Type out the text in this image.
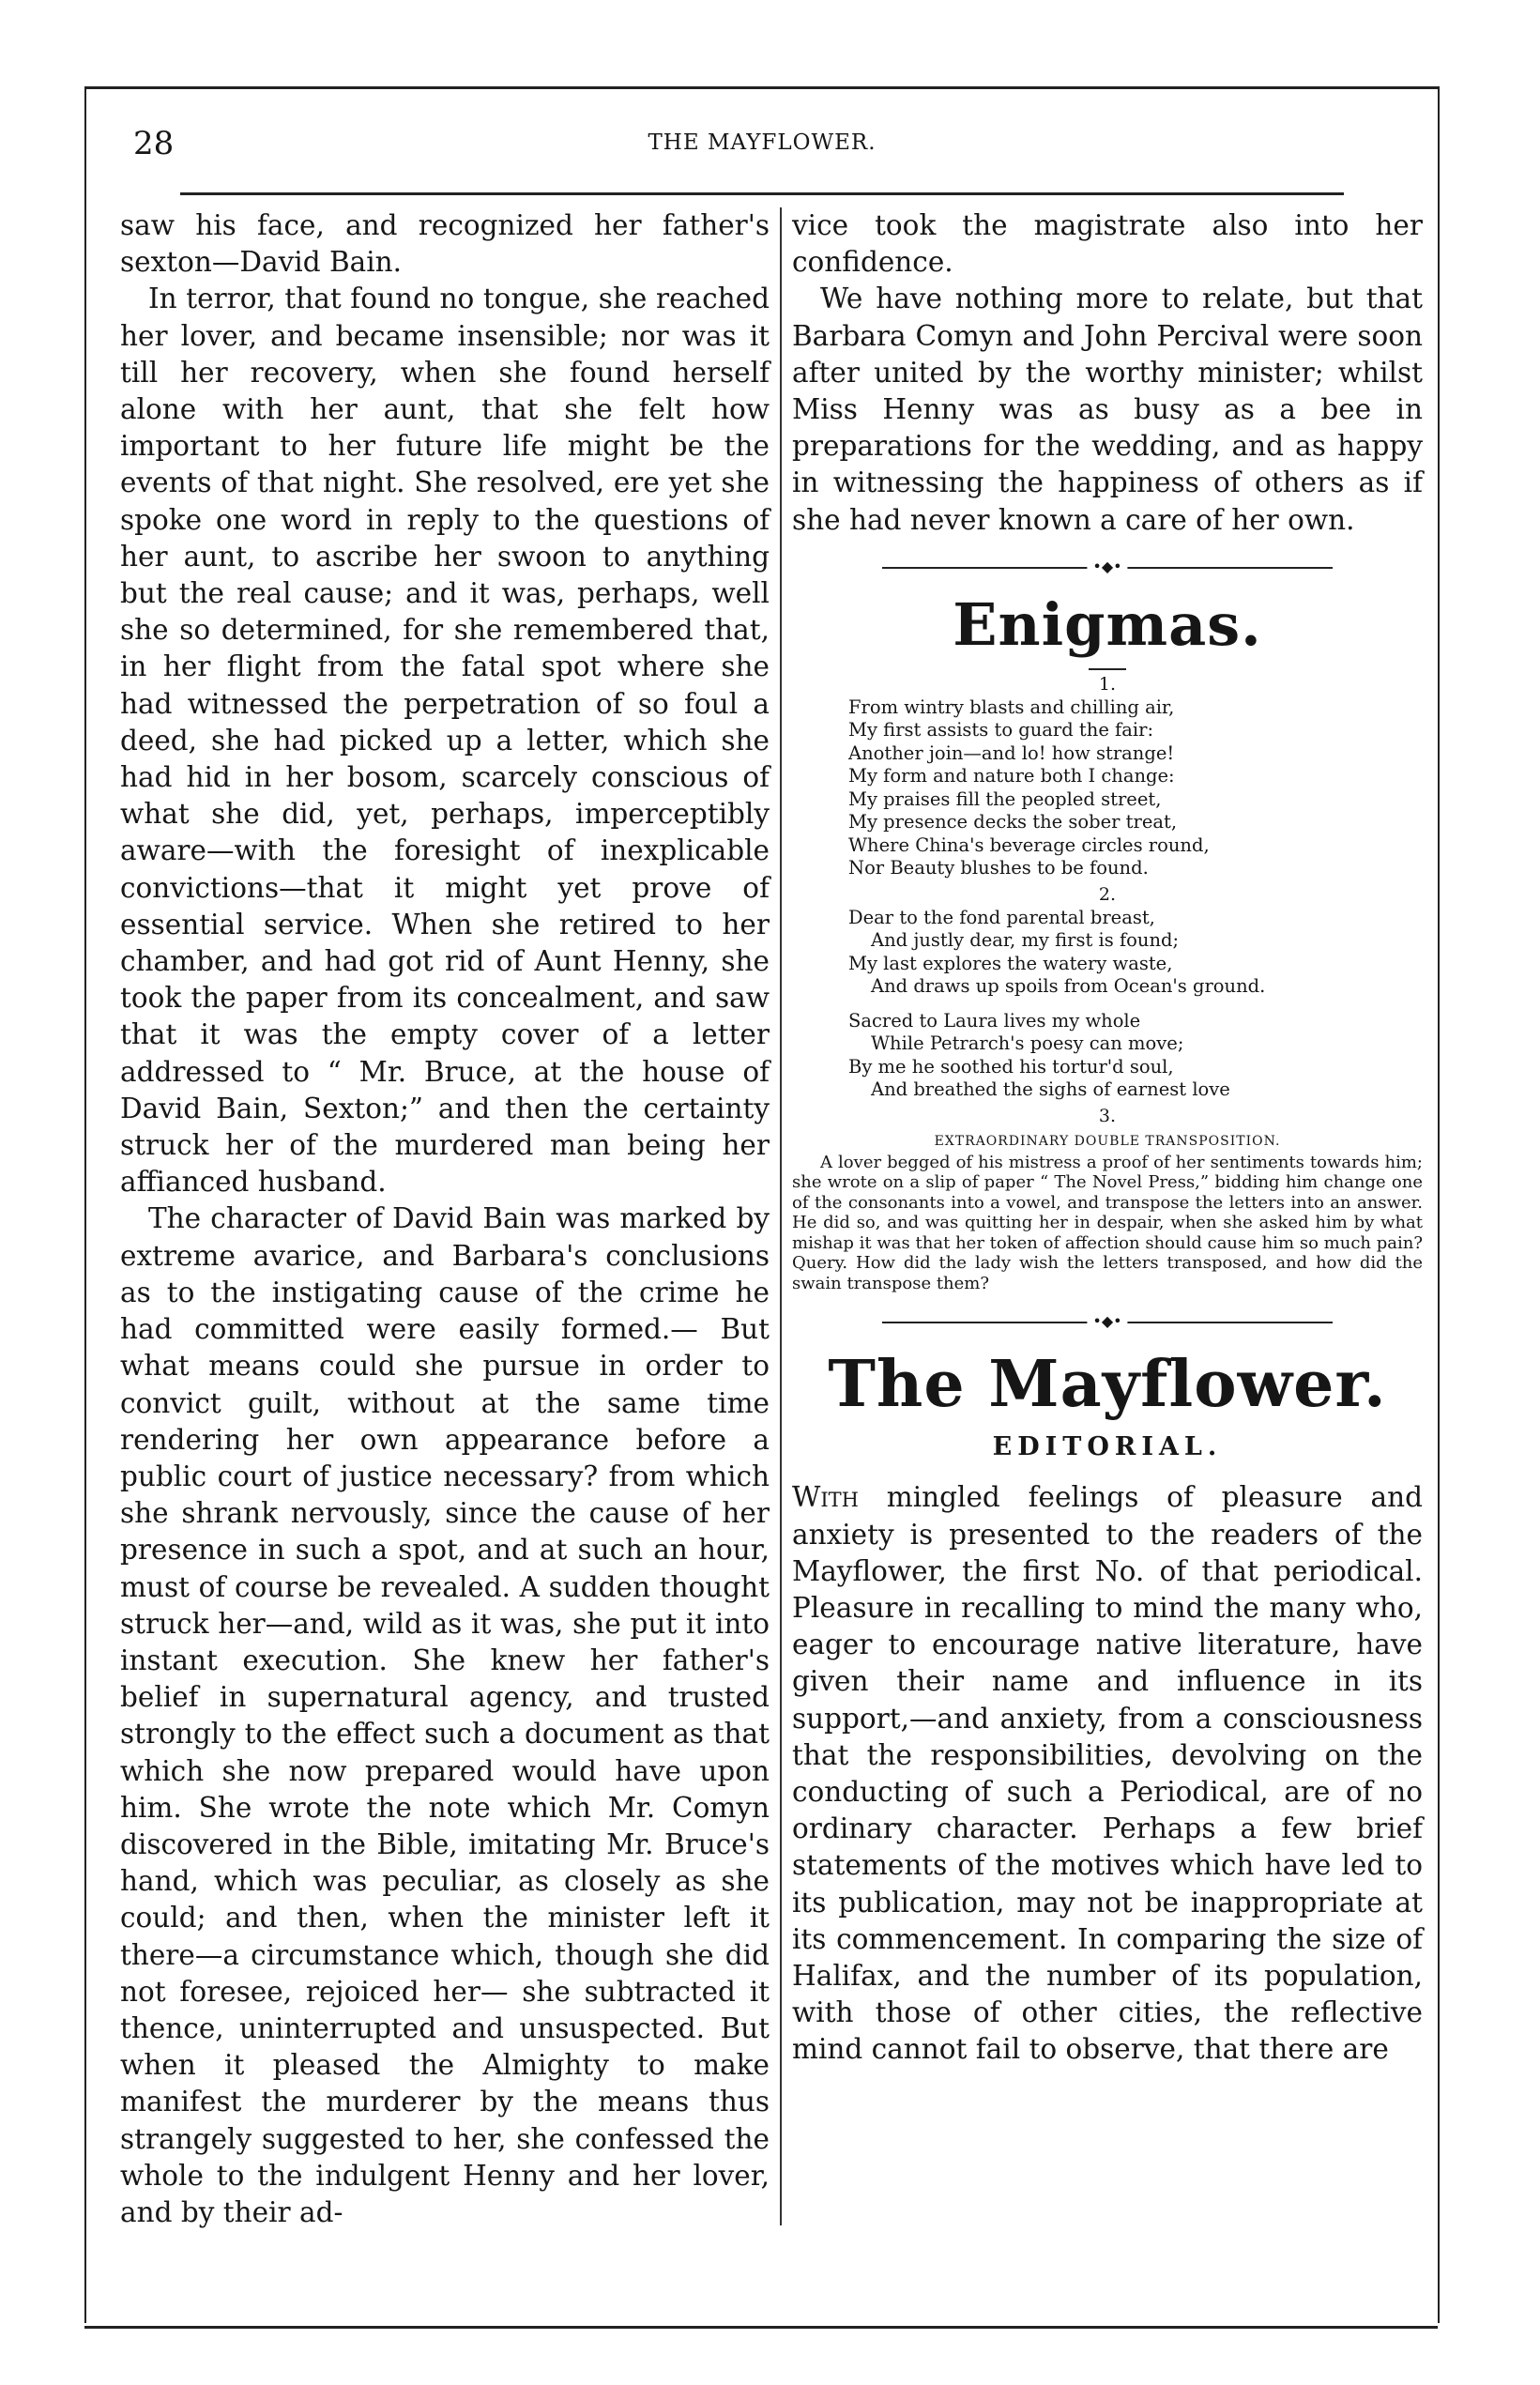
28	THE MAYFLOWER.

saw his face, and recognized her father's sexton—David Bain.

In terror, that found no tongue, she reached her lover, and became insensible; nor was it till her recovery, when she found herself alone with her aunt, that she felt how important to her future life might be the events of that night. She resolved, ere yet she spoke one word in reply to the questions of her aunt, to ascribe her swoon to anything but the real cause; and it was, perhaps, well she so determined, for she remembered that, in her flight from the fatal spot where she had witnessed the perpetration of so foul a deed, she had picked up a letter, which she had hid in her bosom, scarcely conscious of what she did, yet, perhaps, imperceptibly aware—with the foresight of inexplicable convictions—that it might yet prove of essential service. When she retired to her chamber, and had got rid of Aunt Henny, she took the paper from its concealment, and saw that it was the empty cover of a letter addressed to “ Mr. Bruce, at the house of David Bain, Sexton;” and then the certainty struck her of the murdered man being her affianced husband.

The character of David Bain was marked by extreme avarice, and Barbara's conclusions as to the instigating cause of the crime he had committed were easily formed.— But what means could she pursue in order to convict guilt, without at the same time rendering her own appearance before a public court of justice necessary? from which she shrank nervously, since the cause of her presence in such a spot, and at such an hour, must of course be revealed. A sudden thought struck her—and, wild as it was, she put it into instant execution. She knew her father's belief in supernatural agency, and trusted strongly to the effect such a document as that which she now prepared would have upon him. She wrote the note which Mr. Comyn discovered in the Bible, imitating Mr. Bruce's hand, which was peculiar, as closely as she could; and then, when the minister left it there—a circumstance which, though she did not foresee, rejoiced her— she subtracted it thence, uninterrupted and unsuspected. But when it pleased the Almighty to make manifest the murderer by the means thus strangely suggested to her, she confessed the whole to the indulgent Henny and her lover, and by their ad-

vice took the magistrate also into her confidence.

We have nothing more to relate, but that Barbara Comyn and John Percival were soon after united by the worthy minister; whilst Miss Henny was as busy as a bee in preparations for the wedding, and as happy in witnessing the happiness of others as if she had never known a care of her own.

•◆•
Enigmas.
1.
From wintry blasts and chilling air,
My first assists to guard the fair:
Another join—and lo! how strange!
My form and nature both I change:
My praises fill the peopled street,
My presence decks the sober treat,
Where China's beverage circles round,
Nor Beauty blushes to be found.
2.
Dear to the fond parental breast,
And justly dear, my first is found;
My last explores the watery waste,
And draws up spoils from Ocean's ground.
Sacred to Laura lives my whole
While Petrarch's poesy can move;
By me he soothed his tortur'd soul,
And breathed the sighs of earnest love
3.
EXTRAORDINARY DOUBLE TRANSPOSITION.

A lover begged of his mistress a proof of her sentiments towards him; she wrote on a slip of paper “ The Novel Press,” bidding him change one of the consonants into a vowel, and transpose the letters into an answer. He did so, and was quitting her in despair, when she asked him by what mishap it was that her token of affection should cause him so much pain? Query. How did the lady wish the letters transposed, and how did the swain transpose them?

•◆•
The Mayflower.
EDITORIAL.

With mingled feelings of pleasure and anxiety is presented to the readers of the Mayflower, the first No. of that periodical. Pleasure in recalling to mind the many who, eager to encourage native literature, have given their name and influence in its support,—and anxiety, from a consciousness that the responsibilities, devolving on the conducting of such a Periodical, are of no ordinary character. Perhaps a few brief statements of the motives which have led to its publication, may not be inappropriate at its commencement. In comparing the size of Halifax, and the number of its population, with those of other cities, the reflective mind cannot fail to observe, that there are
